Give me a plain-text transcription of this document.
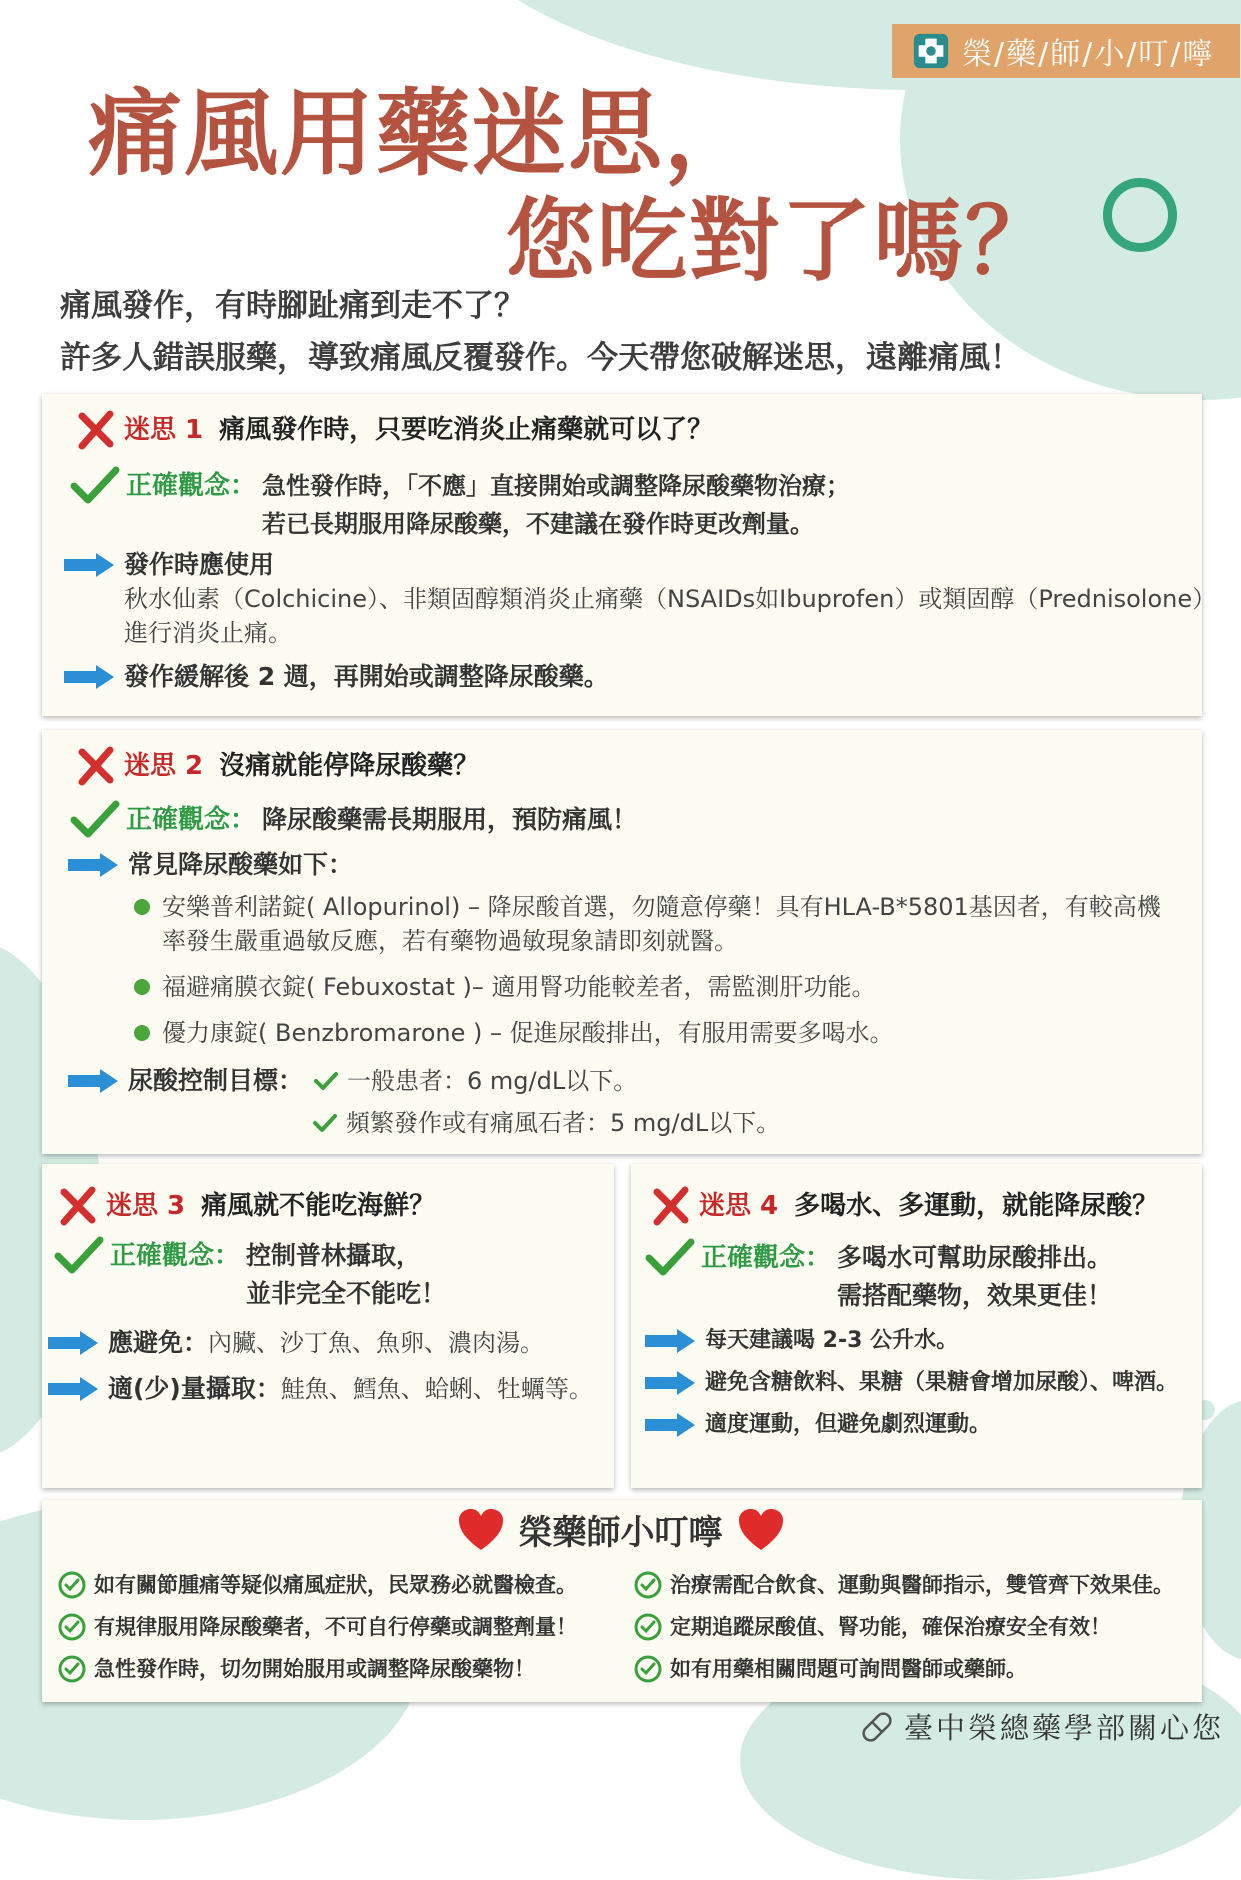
榮/藥/師/小/叮/嚀
痛風用藥迷思，
您吃對了嗎？
痛風發作，有時腳趾痛到走不了？
許多人錯誤服藥，導致痛風反覆發作。今天帶您破解迷思，遠離痛風！
迷思 1 痛風發作時，只要吃消炎止痛藥就可以了？
正確觀念： 急性發作時，「不應」直接開始或調整降尿酸藥物治療；
若已長期服用降尿酸藥，不建議在發作時更改劑量。
發作時應使用
秋水仙素（Colchicine）、非類固醇類消炎止痛藥（NSAIDs如Ibuprofen）或類固醇（Prednisolone）
進行消炎止痛。
發作緩解後 2 週，再開始或調整降尿酸藥。
迷思 2 沒痛就能停降尿酸藥？
正確觀念： 降尿酸藥需長期服用，預防痛風！
常見降尿酸藥如下：
安樂普利諾錠( Allopurinol) – 降尿酸首選，勿隨意停藥！具有HLA-B*5801基因者，有較高機
率發生嚴重過敏反應，若有藥物過敏現象請即刻就醫。
福避痛膜衣錠( Febuxostat )– 適用腎功能較差者，需監測肝功能。
優力康錠( Benzbromarone ) – 促進尿酸排出，有服用需要多喝水。
尿酸控制目標： 一般患者：6 mg/dL以下。
頻繁發作或有痛風石者：5 mg/dL以下。
迷思 3 痛風就不能吃海鮮？
正確觀念： 控制普林攝取，
並非完全不能吃！
應避免： 內臟、沙丁魚、魚卵、濃肉湯。
適(少)量攝取： 鮭魚、鱈魚、蛤蜊、牡蠣等。
迷思 4 多喝水、多運動，就能降尿酸？
正確觀念： 多喝水可幫助尿酸排出。
需搭配藥物，效果更佳！
每天建議喝 2-3 公升水。
避免含糖飲料、果糖（果糖會增加尿酸）、啤酒。
適度運動，但避免劇烈運動。
榮藥師小叮嚀
如有關節腫痛等疑似痛風症狀，民眾務必就醫檢查。
有規律服用降尿酸藥者，不可自行停藥或調整劑量！
急性發作時，切勿開始服用或調整降尿酸藥物！
治療需配合飲食、運動與醫師指示，雙管齊下效果佳。
定期追蹤尿酸值、腎功能，確保治療安全有效！
如有用藥相關問題可詢問醫師或藥師。
臺中榮總藥學部關心您
